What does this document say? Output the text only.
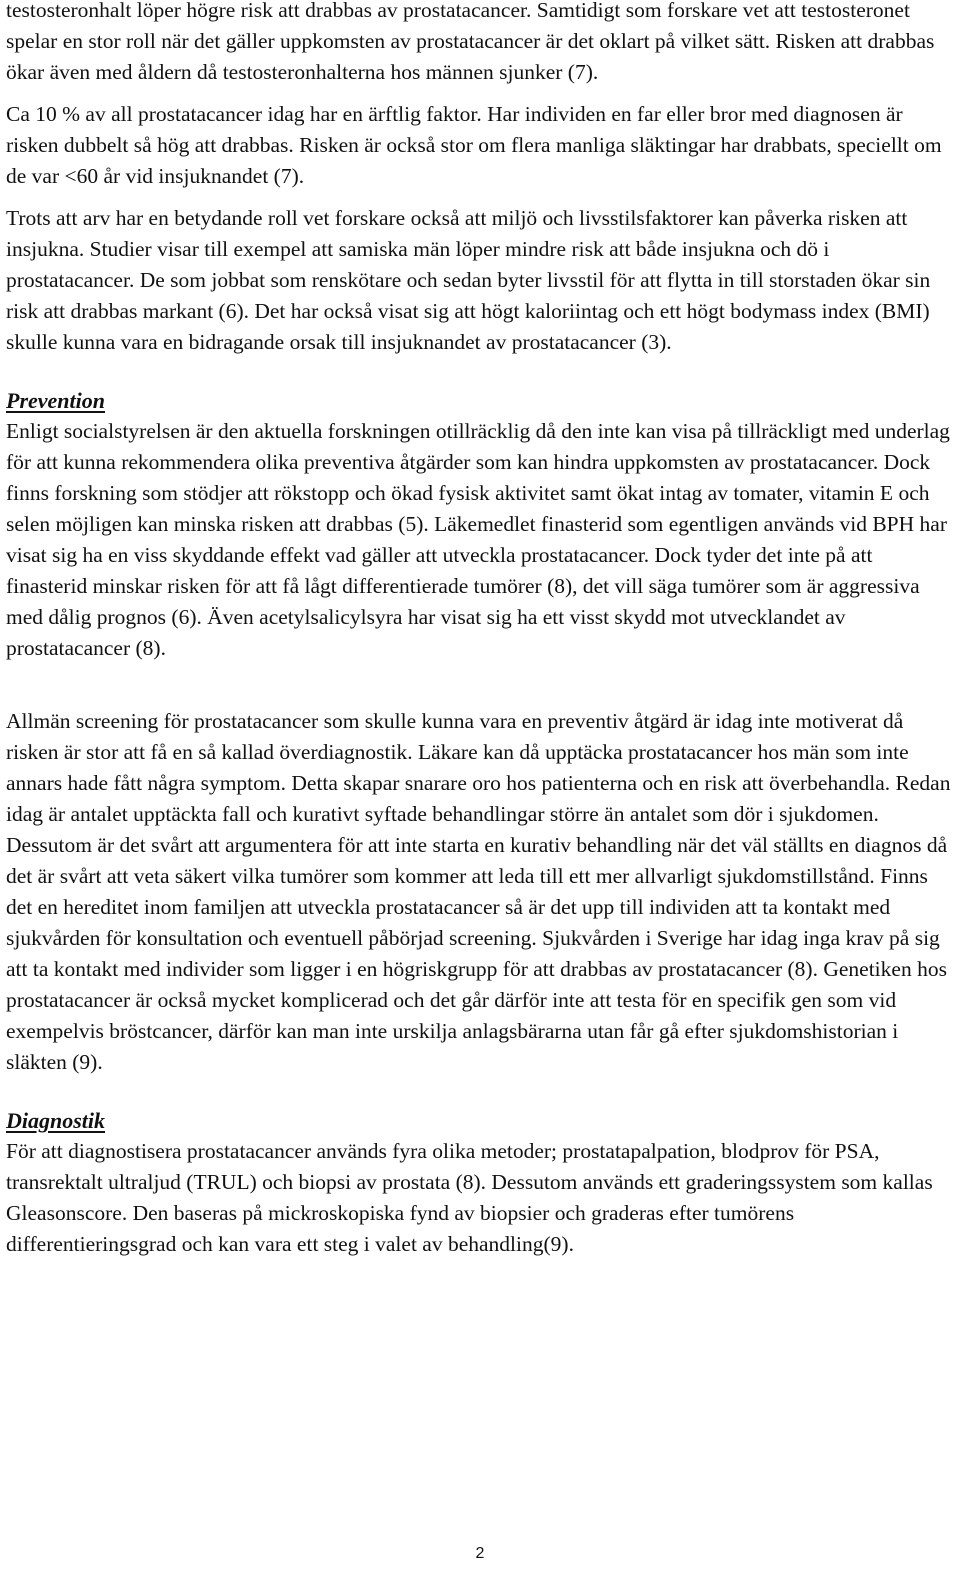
testosteronhalt löper högre risk att drabbas av prostatacancer. Samtidigt som forskare vet att testosteronet spelar en stor roll när det gäller uppkomsten av prostatacancer är det oklart på vilket sätt. Risken att drabbas ökar även med åldern då testosteronhalterna hos männen sjunker (7).

Ca 10 % av all prostatacancer idag har en ärftlig faktor. Har individen en far eller bror med diagnosen är risken dubbelt så hög att drabbas. Risken är också stor om flera manliga släktingar har drabbats, speciellt om de var <60 år vid insjuknandet (7).

Trots att arv har en betydande roll vet forskare också att miljö och livsstilsfaktorer kan påverka risken att insjukna. Studier visar till exempel att samiska män löper mindre risk att både insjukna och dö i prostatacancer. De som jobbat som renskötare och sedan byter livsstil för att flytta in till storstaden ökar sin risk att drabbas markant (6). Det har också visat sig att högt kaloriintag och ett högt bodymass index (BMI) skulle kunna vara en bidragande orsak till insjuknandet av prostatacancer (3).

Prevention

Enligt socialstyrelsen är den aktuella forskningen otillräcklig då den inte kan visa på tillräckligt med underlag för att kunna rekommendera olika preventiva åtgärder som kan hindra uppkomsten av prostatacancer. Dock finns forskning som stödjer att rökstopp och ökad fysisk aktivitet samt ökat intag av tomater, vitamin E och selen möjligen kan minska risken att drabbas (5). Läkemedlet finasterid som egentligen används vid BPH har visat sig ha en viss skyddande effekt vad gäller att utveckla prostatacancer. Dock tyder det inte på att finasterid minskar risken för att få lågt differentierade tumörer (8), det vill säga tumörer som är aggressiva med dålig prognos (6). Även acetylsalicylsyra har visat sig ha ett visst skydd mot utvecklandet av prostatacancer (8).

Allmän screening för prostatacancer som skulle kunna vara en preventiv åtgärd är idag inte motiverat då risken är stor att få en så kallad överdiagnostik. Läkare kan då upptäcka prostatacancer hos män som inte annars hade fått några symptom. Detta skapar snarare oro hos patienterna och en risk att överbehandla. Redan idag är antalet upptäckta fall och kurativt syftade behandlingar större än antalet som dör i sjukdomen. Dessutom är det svårt att argumentera för att inte starta en kurativ behandling när det väl ställts en diagnos då det är svårt att veta säkert vilka tumörer som kommer att leda till ett mer allvarligt sjukdomstillstånd. Finns det en hereditet inom familjen att utveckla prostatacancer så är det upp till individen att ta kontakt med sjukvården för konsultation och eventuell påbörjad screening. Sjukvården i Sverige har idag inga krav på sig att ta kontakt med individer som ligger i en högriskgrupp för att drabbas av prostatacancer (8). Genetiken hos prostatacancer är också mycket komplicerad och det går därför inte att testa för en specifik gen som vid exempelvis bröstcancer, därför kan man inte urskilja anlagsbärarna utan får gå efter sjukdomshistorian i släkten (9).

Diagnostik

För att diagnostisera prostatacancer används fyra olika metoder; prostatapalpation, blodprov för PSA, transrektalt ultraljud (TRUL) och biopsi av prostata (8). Dessutom används ett graderingssystem som kallas Gleasonscore. Den baseras på mickroskopiska fynd av biopsier och graderas efter tumörens differentieringsgrad och kan vara ett steg i valet av behandling(9).

2
